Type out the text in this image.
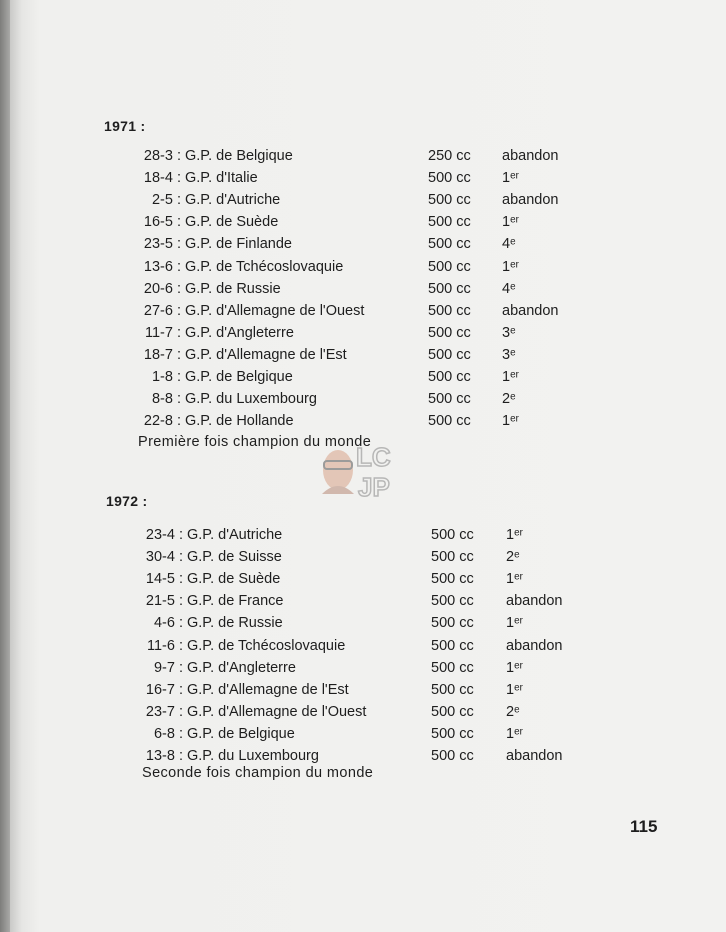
1971 :
28-3 : G.P. de Belgique	250 cc abandon
18-4 : G.P. d'Italie	500 cc 1ᵉʳ
2-5 : G.P. d'Autriche	500 cc abandon
16-5 : G.P. de Suède	500 cc 1ᵉʳ
23-5 : G.P. de Finlande	500 cc 4ᵉ
13-6 : G.P. de Tchécoslovaquie	500 cc 1ᵉʳ
20-6 : G.P. de Russie	500 cc 4ᵉ
27-6 : G.P. d'Allemagne de l'Ouest	500 cc abandon
11-7 : G.P. d'Angleterre	500 cc 3ᵉ
18-7 : G.P. d'Allemagne de l'Est	500 cc 3ᵉ
1-8 : G.P. de Belgique	500 cc 1ᵉʳ
8-8 : G.P. du Luxembourg	500 cc 2ᵉ
22-8 : G.P. de Hollande	500 cc 1ᵉʳ
Première fois champion du monde
1972 :
23-4 : G.P. d'Autriche	500 cc 1ᵉʳ
30-4 : G.P. de Suisse	500 cc 2ᵉ
14-5 : G.P. de Suède	500 cc 1ᵉʳ
21-5 : G.P. de France	500 cc abandon
4-6 : G.P. de Russie	500 cc 1ᵉʳ
11-6 : G.P. de Tchécoslovaquie	500 cc abandon
9-7 : G.P. d'Angleterre	500 cc 1ᵉʳ
16-7 : G.P. d'Allemagne de l'Est	500 cc 1ᵉʳ
23-7 : G.P. d'Allemagne de l'Ouest	500 cc 2ᵉ
6-8 : G.P. de Belgique	500 cc 1ᵉʳ
13-8 : G.P. du Luxembourg	500 cc abandon
Seconde fois champion du monde
LC
JP
115
